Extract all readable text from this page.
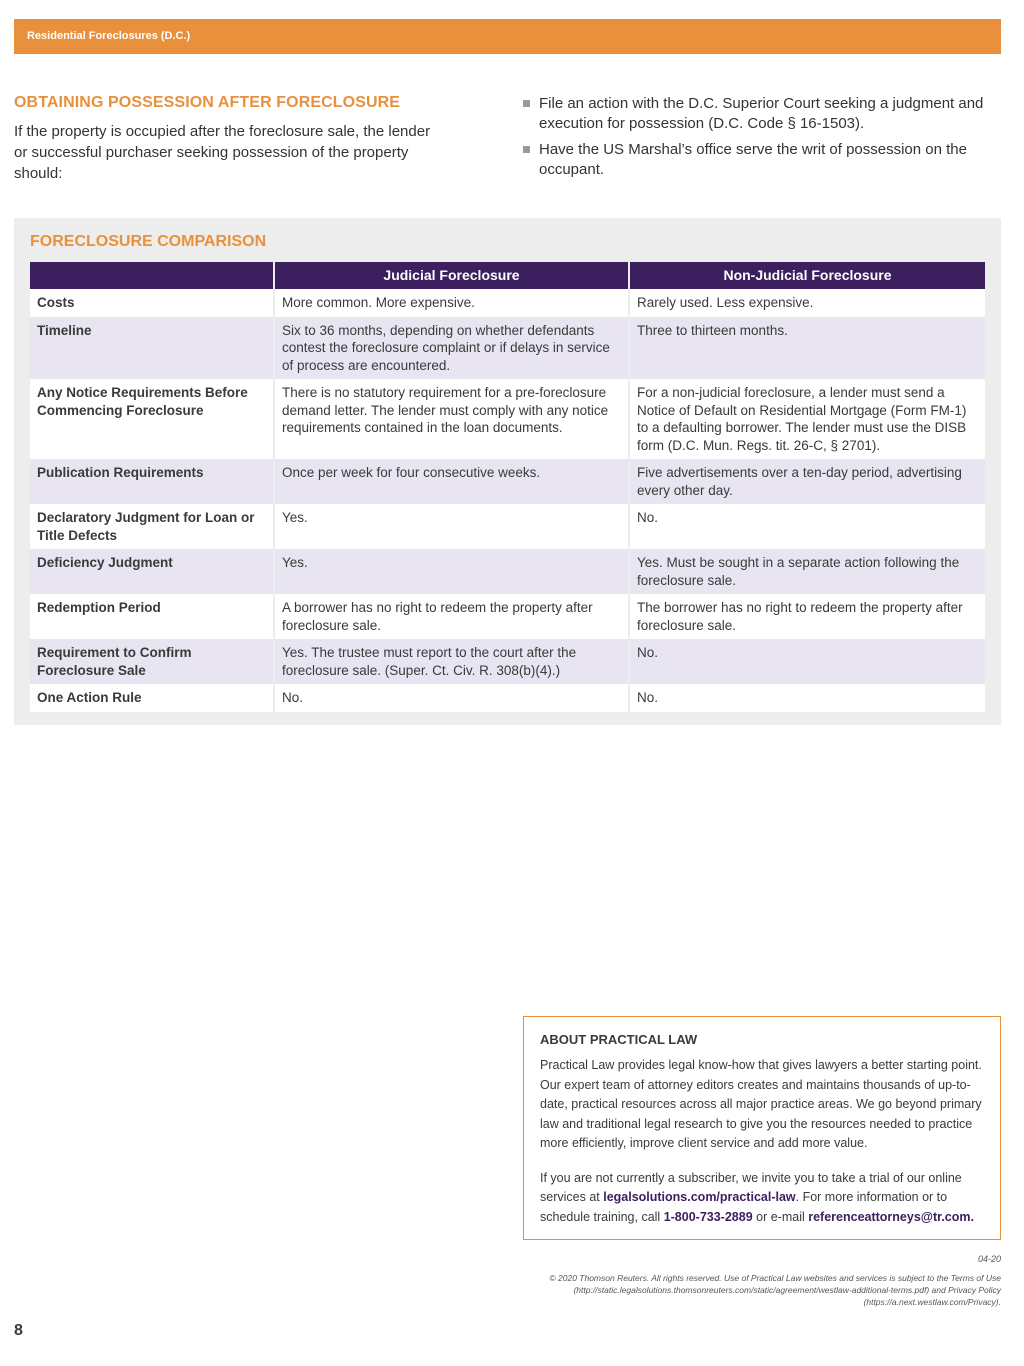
Residential Foreclosures (D.C.)
OBTAINING POSSESSION AFTER FORECLOSURE
If the property is occupied after the foreclosure sale, the lender or successful purchaser seeking possession of the property should:
File an action with the D.C. Superior Court seeking a judgment and execution for possession (D.C. Code § 16-1503).
Have the US Marshal’s office serve the writ of possession on the occupant.
FORECLOSURE COMPARISON
	Judicial Foreclosure	Non-Judicial Foreclosure
Costs	More common. More expensive.	Rarely used. Less expensive.
Timeline	Six to 36 months, depending on whether defendants contest the foreclosure complaint or if delays in service of process are encountered.	Three to thirteen months.
Any Notice Requirements Before Commencing Foreclosure	There is no statutory requirement for a pre-foreclosure demand letter. The lender must comply with any notice requirements contained in the loan documents.	For a non-judicial foreclosure, a lender must send a Notice of Default on Residential Mortgage (Form FM-1) to a defaulting borrower. The lender must use the DISB form (D.C. Mun. Regs. tit. 26-C, § 2701).
Publication Requirements	Once per week for four consecutive weeks.	Five advertisements over a ten-day period, advertising every other day.
Declaratory Judgment for Loan or Title Defects	Yes.	No.
Deficiency Judgment	Yes.	Yes. Must be sought in a separate action following the foreclosure sale.
Redemption Period	A borrower has no right to redeem the property after foreclosure sale.	The borrower has no right to redeem the property after foreclosure sale.
Requirement to Confirm Foreclosure Sale	Yes. The trustee must report to the court after the foreclosure sale. (Super. Ct. Civ. R. 308(b)(4).)	No.
One Action Rule	No.	No.
ABOUT PRACTICAL LAW
Practical Law provides legal know-how that gives lawyers a better starting point. Our expert team of attorney editors creates and maintains thousands of up-to-date, practical resources across all major practice areas. We go beyond primary law and traditional legal research to give you the resources needed to practice more efficiently, improve client service and add more value.
If you are not currently a subscriber, we invite you to take a trial of our online services at legalsolutions.com/practical-law. For more information or to schedule training, call 1-800-733-2889 or e-mail referenceattorneys@tr.com.
04-20
© 2020 Thomson Reuters. All rights reserved. Use of Practical Law websites and services is subject to the Terms of Use (http://static.legalsolutions.thomsonreuters.com/static/agreement/westlaw-additional-terms.pdf) and Privacy Policy (https://a.next.westlaw.com/Privacy).
8
